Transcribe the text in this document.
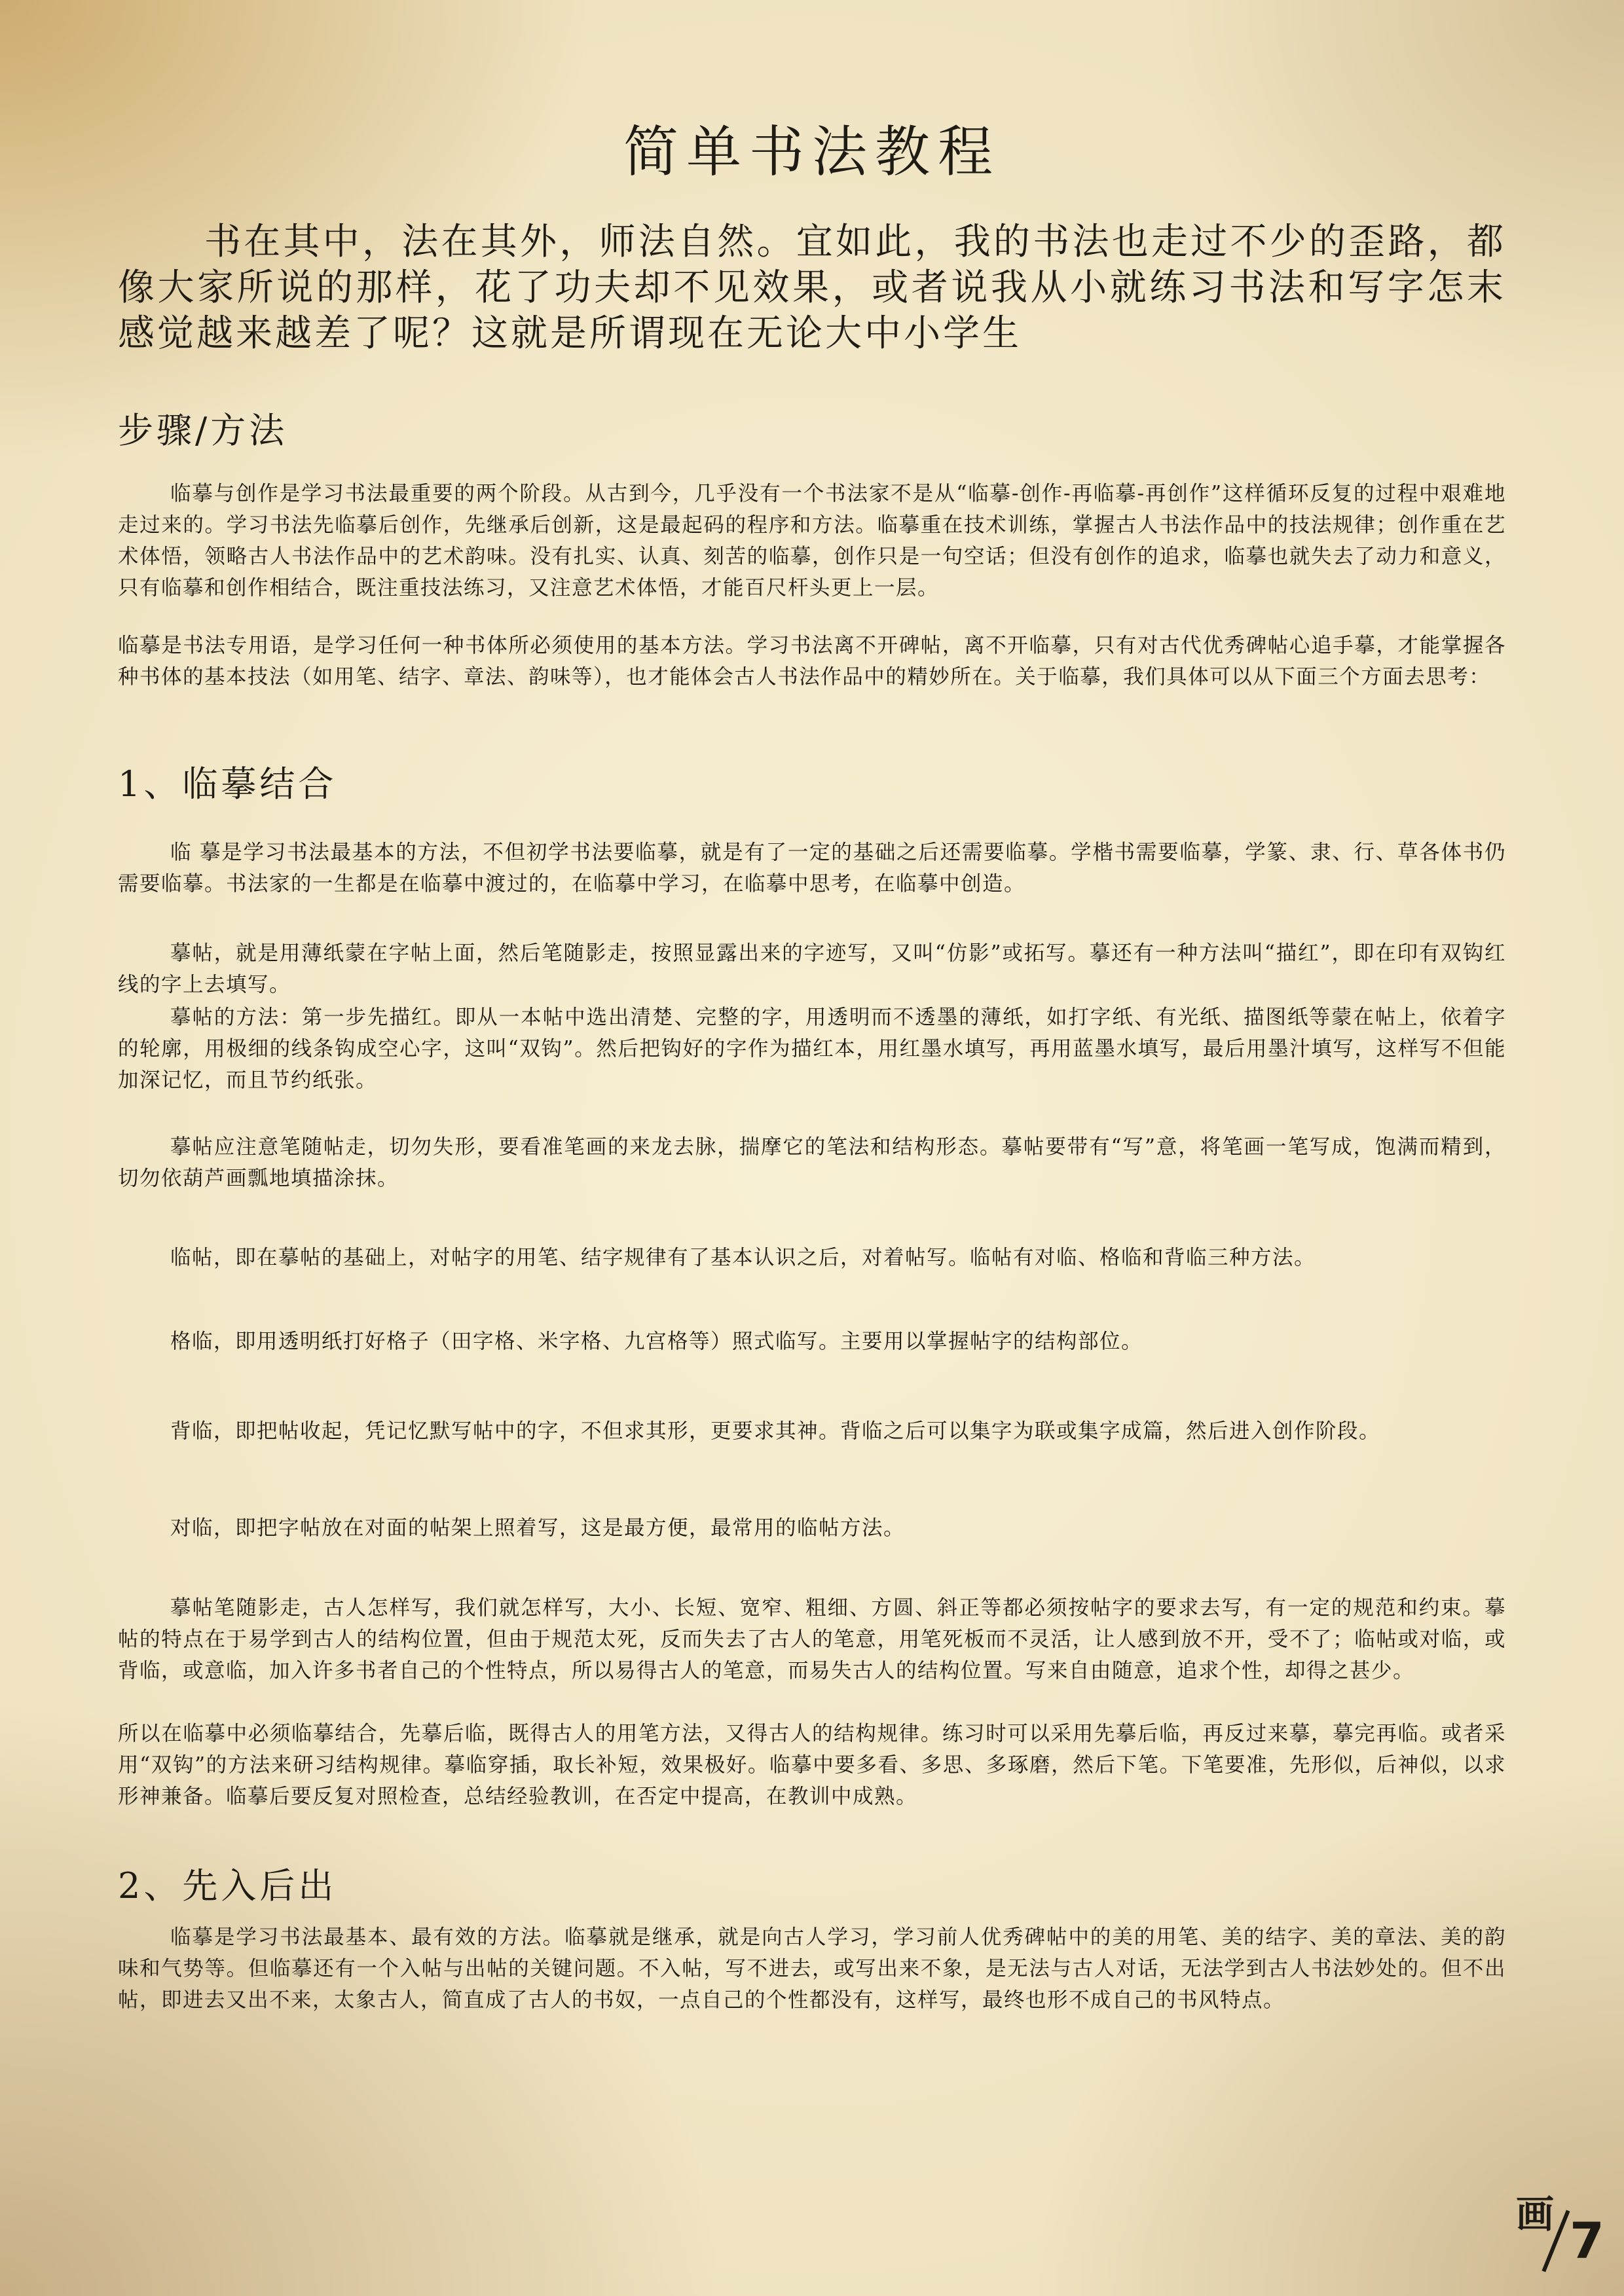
简单书法教程

书在其中，法在其外，师法自然。宜如此，我的书法也走过不少的歪路，都像大家所说的那样，花了功夫却不见效果，或者说我从小就练习书法和写字怎末感觉越来越差了呢？这就是所谓现在无论大中小学生

步骤/方法

临摹与创作是学习书法最重要的两个阶段。从古到今，几乎没有一个书法家不是从“临摹-创作-再临摹-再创作”这样循环反复的过程中艰难地走过来的。学习书法先临摹后创作，先继承后创新，这是最起码的程序和方法。临摹重在技术训练，掌握古人书法作品中的技法规律；创作重在艺术体悟，领略古人书法作品中的艺术韵味。没有扎实、认真、刻苦的临摹，创作只是一句空话；但没有创作的追求，临摹也就失去了动力和意义，只有临摹和创作相结合，既注重技法练习，又注意艺术体悟，才能百尺杆头更上一层。

临摹是书法专用语，是学习任何一种书体所必须使用的基本方法。学习书法离不开碑帖，离不开临摹，只有对古代优秀碑帖心追手摹，才能掌握各种书体的基本技法（如用笔、结字、章法、韵味等），也才能体会古人书法作品中的精妙所在。关于临摹，我们具体可以从下面三个方面去思考：

1、临摹结合

临 摹是学习书法最基本的方法，不但初学书法要临摹，就是有了一定的基础之后还需要临摹。学楷书需要临摹，学篆、隶、行、草各体书仍需要临摹。书法家的一生都是在临摹中渡过的，在临摹中学习，在临摹中思考，在临摹中创造。

摹帖，就是用薄纸蒙在字帖上面，然后笔随影走，按照显露出来的字迹写，又叫“仿影”或拓写。摹还有一种方法叫“描红”，即在印有双钩红线的字上去填写。

摹帖的方法：第一步先描红。即从一本帖中选出清楚、完整的字，用透明而不透墨的薄纸，如打字纸、有光纸、描图纸等蒙在帖上，依着字的轮廓，用极细的线条钩成空心字，这叫“双钩”。然后把钩好的字作为描红本，用红墨水填写，再用蓝墨水填写，最后用墨汁填写，这样写不但能加深记忆，而且节约纸张。

摹帖应注意笔随帖走，切勿失形，要看准笔画的来龙去脉，揣摩它的笔法和结构形态。摹帖要带有“写”意，将笔画一笔写成，饱满而精到，切勿依葫芦画瓢地填描涂抹。

临帖，即在摹帖的基础上，对帖字的用笔、结字规律有了基本认识之后，对着帖写。临帖有对临、格临和背临三种方法。

格临，即用透明纸打好格子（田字格、米字格、九宫格等）照式临写。主要用以掌握帖字的结构部位。

背临，即把帖收起，凭记忆默写帖中的字，不但求其形，更要求其神。背临之后可以集字为联或集字成篇，然后进入创作阶段。

对临，即把字帖放在对面的帖架上照着写，这是最方便，最常用的临帖方法。

摹帖笔随影走，古人怎样写，我们就怎样写，大小、长短、宽窄、粗细、方圆、斜正等都必须按帖字的要求去写，有一定的规范和约束。摹帖的特点在于易学到古人的结构位置，但由于规范太死，反而失去了古人的笔意，用笔死板而不灵活，让人感到放不开，受不了；临帖或对临，或背临，或意临，加入许多书者自己的个性特点，所以易得古人的笔意，而易失古人的结构位置。写来自由随意，追求个性，却得之甚少。

所以在临摹中必须临摹结合，先摹后临，既得古人的用笔方法，又得古人的结构规律。练习时可以采用先摹后临，再反过来摹，摹完再临。或者采用“双钩”的方法来研习结构规律。摹临穿插，取长补短，效果极好。临摹中要多看、多思、多琢磨，然后下笔。下笔要准，先形似，后神似，以求形神兼备。临摹后要反复对照检查，总结经验教训，在否定中提高，在教训中成熟。

2、先入后出

临摹是学习书法最基本、最有效的方法。临摹就是继承，就是向古人学习，学习前人优秀碑帖中的美的用笔、美的结字、美的章法、美的韵味和气势等。但临摹还有一个入帖与出帖的关键问题。不入帖，写不进去，或写出来不象，是无法与古人对话，无法学到古人书法妙处的。但不出帖，即进去又出不来，太象古人，简直成了古人的书奴，一点自己的个性都没有，这样写，最终也形不成自己的书风特点。

画 7
